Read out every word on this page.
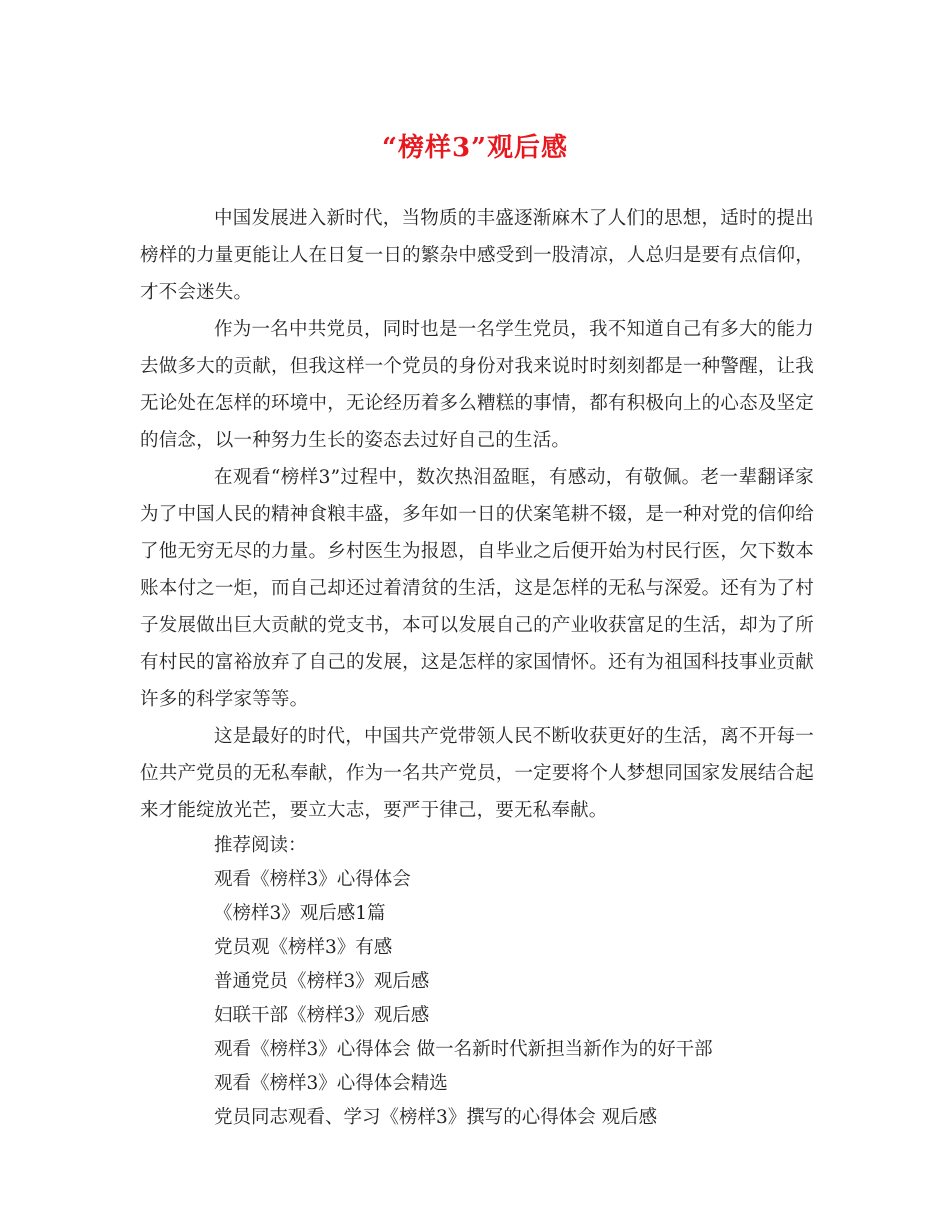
“榜样3”观后感

中国发展进入新时代，当物质的丰盛逐渐麻木了人们的思想，适时的提出榜样的力量更能让人在日复一日的繁杂中感受到一股清凉，人总归是要有点信仰，才不会迷失。

作为一名中共党员，同时也是一名学生党员，我不知道自己有多大的能力去做多大的贡献，但我这样一个党员的身份对我来说时时刻刻都是一种警醒，让我无论处在怎样的环境中，无论经历着多么糟糕的事情，都有积极向上的心态及坚定的信念，以一种努力生长的姿态去过好自己的生活。

在观看“榜样3”过程中，数次热泪盈眶，有感动，有敬佩。老一辈翻译家为了中国人民的精神食粮丰盛，多年如一日的伏案笔耕不辍，是一种对党的信仰给了他无穷无尽的力量。乡村医生为报恩，自毕业之后便开始为村民行医，欠下数本账本付之一炬，而自己却还过着清贫的生活，这是怎样的无私与深爱。还有为了村子发展做出巨大贡献的党支书，本可以发展自己的产业收获富足的生活，却为了所有村民的富裕放弃了自己的发展，这是怎样的家国情怀。还有为祖国科技事业贡献许多的科学家等等。

这是最好的时代，中国共产党带领人民不断收获更好的生活，离不开每一位共产党员的无私奉献，作为一名共产党员，一定要将个人梦想同国家发展结合起来才能绽放光芒，要立大志，要严于律己，要无私奉献。

推荐阅读：

观看《榜样3》心得体会
《榜样3》观后感1篇
党员观《榜样3》有感
普通党员《榜样3》观后感
妇联干部《榜样3》观后感
观看《榜样3》心得体会 做一名新时代新担当新作为的好干部
观看《榜样3》心得体会精选
党员同志观看、学习《榜样3》撰写的心得体会 观后感
